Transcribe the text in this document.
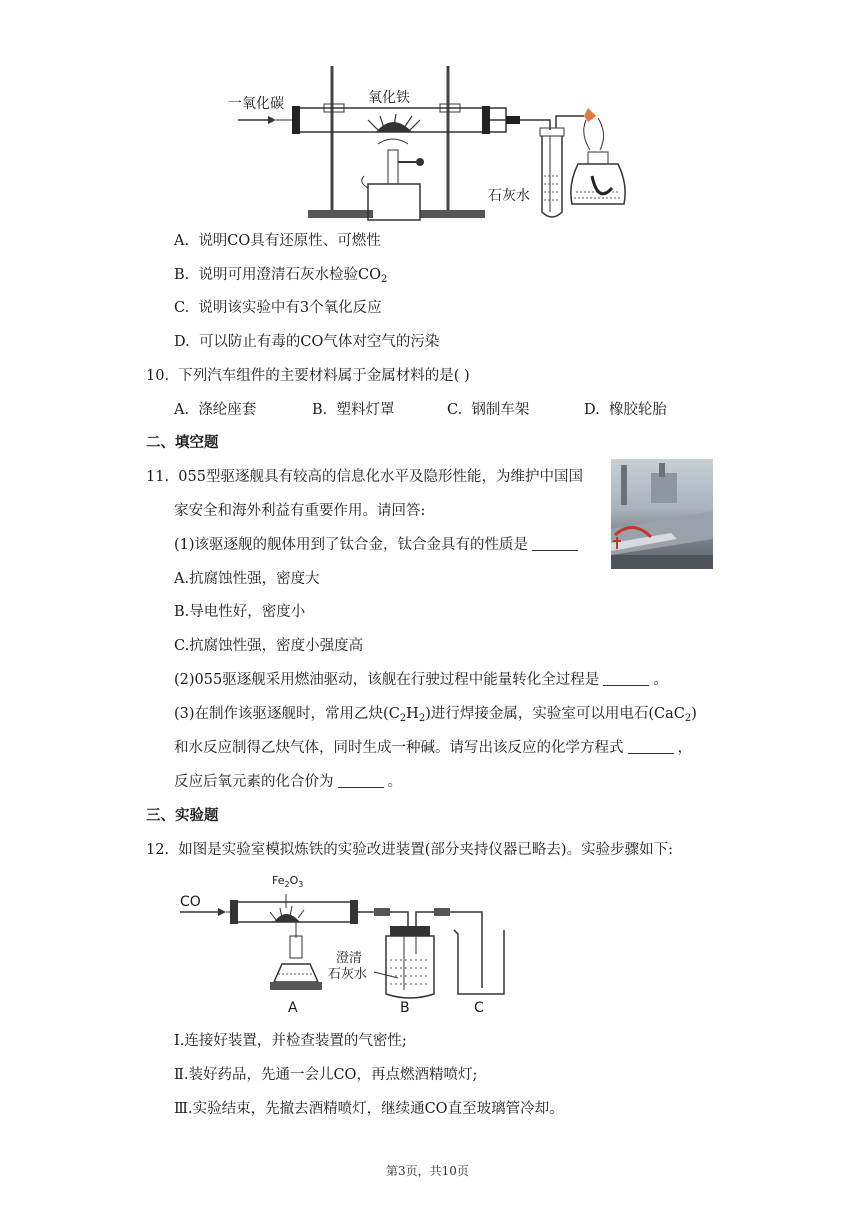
一氧化碳	氧化铁
石灰水
A. 说明CO具有还原性、可燃性
B. 说明可用澄清石灰水检验$CO_2$
C. 说明该实验中有3个氧化反应
D. 可以防止有毒的CO气体对空气的污染
10. 下列汽车组件的主要材料属于金属材料的是( )
A. 涤纶座套	B. 塑料灯罩	C. 钢制车架	D. 橡胶轮胎
二、填空题
11. 055型驱逐舰具有较高的信息化水平及隐形性能，为维护中国国
家安全和海外利益有重要作用。请回答:
(1)该驱逐舰的舰体用到了钛合金，钛合金具有的性质是
A.抗腐蚀性强，密度大
B.导电性好，密度小
C.抗腐蚀性强，密度小强度高
(2)055驱逐舰采用燃油驱动，该舰在行驶过程中能量转化全过程是	。
(3)在制作该驱逐舰时，常用乙炔$(C_2H_2)$进行焊接金属，实验室可以用电石(CaC$_2$)
和水反应制得乙炔气体，同时生成一种碱。请写出该反应的化学方程式	，
反应后氧元素的化合价为	。
三、实验题
12. 如图是实验室模拟炼铁的实验改进装置(部分夹持仪器已略去)。实验步骤如下:
CO
$Fe_2O_3$
A
澄清
石灰水
B	C
Ⅰ.连接好装置，并检查装置的气密性;
Ⅱ.装好药品，先通一会儿CO，再点燃酒精喷灯;
Ⅲ.实验结束，先撤去酒精喷灯，继续通CO直至玻璃管冷却。
第3页，共10页
